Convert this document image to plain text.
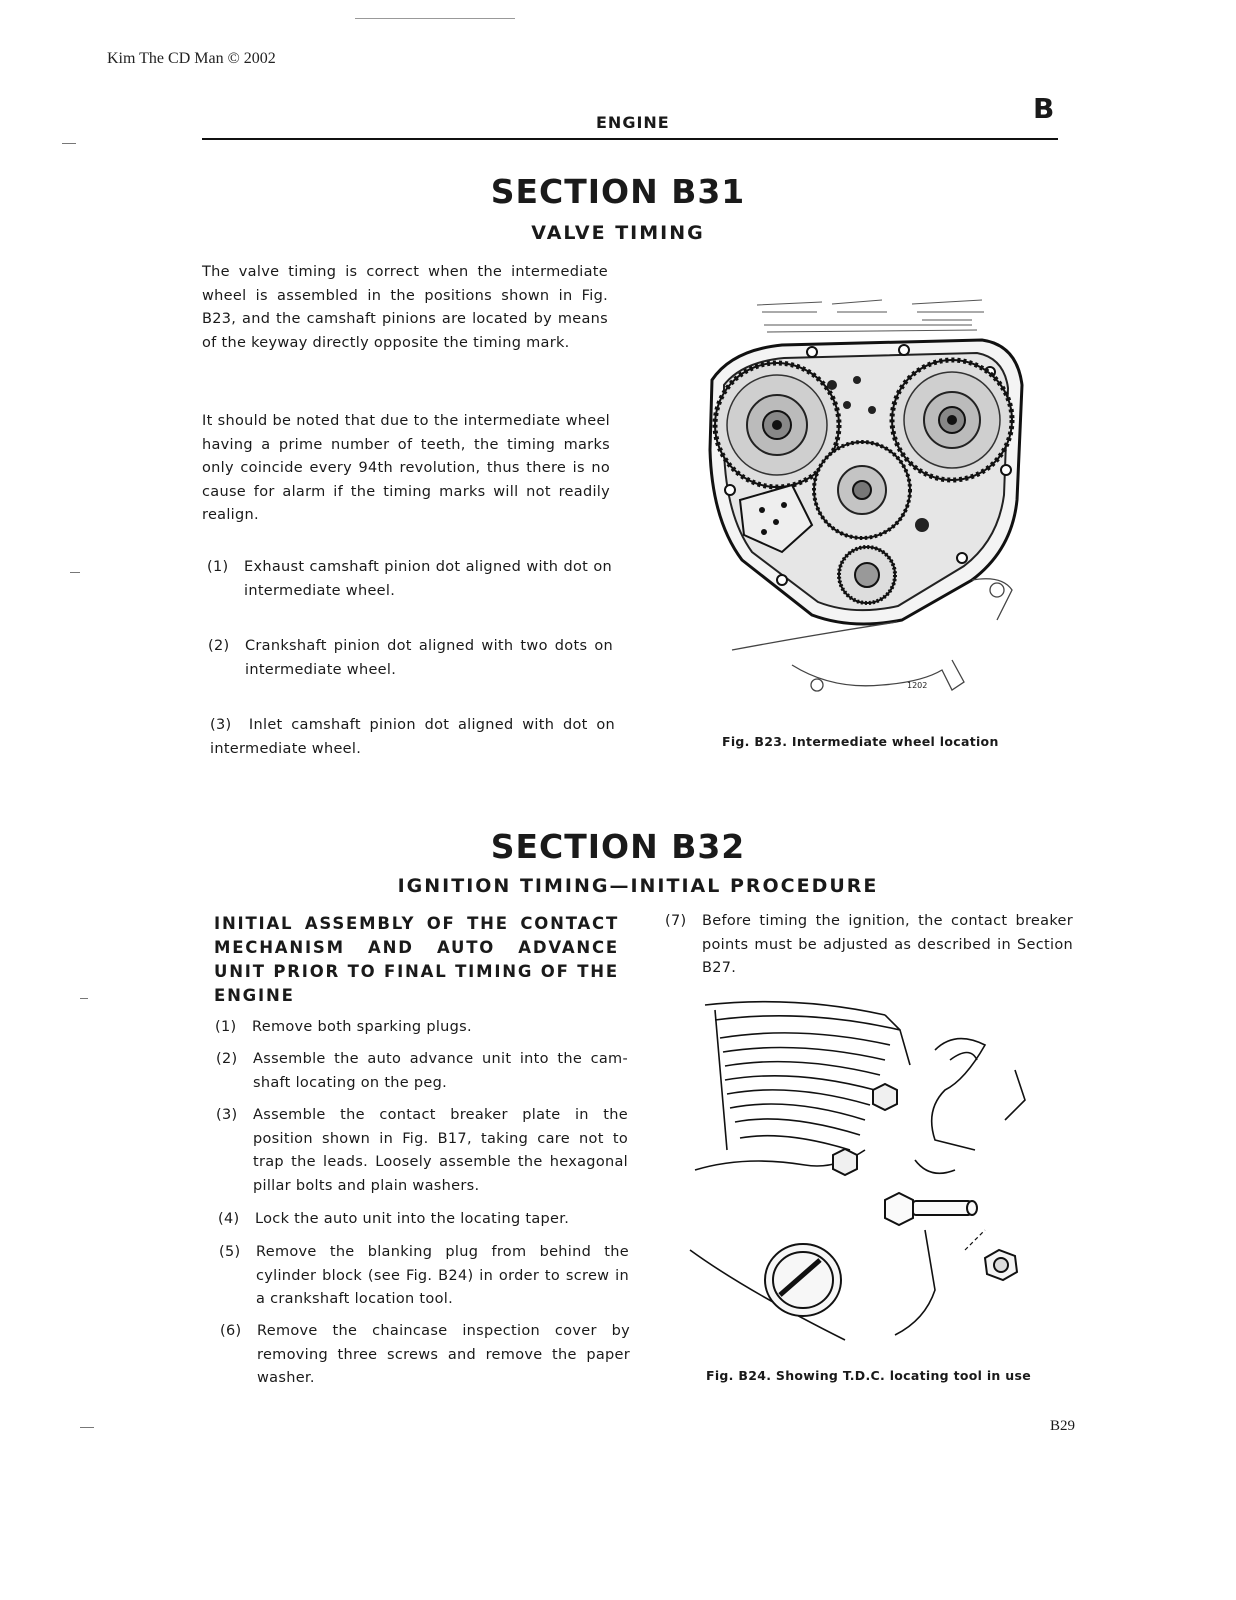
Kim The CD Man © 2002
ENGINE	B
SECTION B31
VALVE TIMING
The valve timing is correct when the intermediate wheel is assembled in the positions shown in Fig. B23, and the camshaft pinions are located by means of the keyway directly opposite the timing mark.
It should be noted that due to the intermediate wheel having a prime number of teeth, the timing marks only coincide every 94th revolution, thus there is no cause for alarm if the timing marks will not readily realign.
(1) Exhaust camshaft pinion dot aligned with dot on intermediate wheel.
(2) Crankshaft pinion dot aligned with two dots on intermediate wheel.
(3) Inlet camshaft pinion dot aligned with dot on intermediate wheel.
1202
Fig. B23. Intermediate wheel location
SECTION B32
IGNITION TIMING—INITIAL PROCEDURE
INITIAL ASSEMBLY OF THE CONTACT MECHANISM AND AUTO ADVANCE UNIT PRIOR TO FINAL TIMING OF THE ENGINE
(1) Remove both sparking plugs.
(2) Assemble the auto advance unit into the cam-shaft locating on the peg.
(3) Assemble the contact breaker plate in the position shown in Fig. B17, taking care not to trap the leads. Loosely assemble the hexagonal pillar bolts and plain washers.
(4) Lock the auto unit into the locating taper.
(5) Remove the blanking plug from behind the cylinder block (see Fig. B24) in order to screw in a crankshaft location tool.
(6) Remove the chaincase inspection cover by removing three screws and remove the paper washer.
(7) Before timing the ignition, the contact breaker points must be adjusted as described in Section B27.
Fig. B24. Showing T.D.C. locating tool in use
B29
